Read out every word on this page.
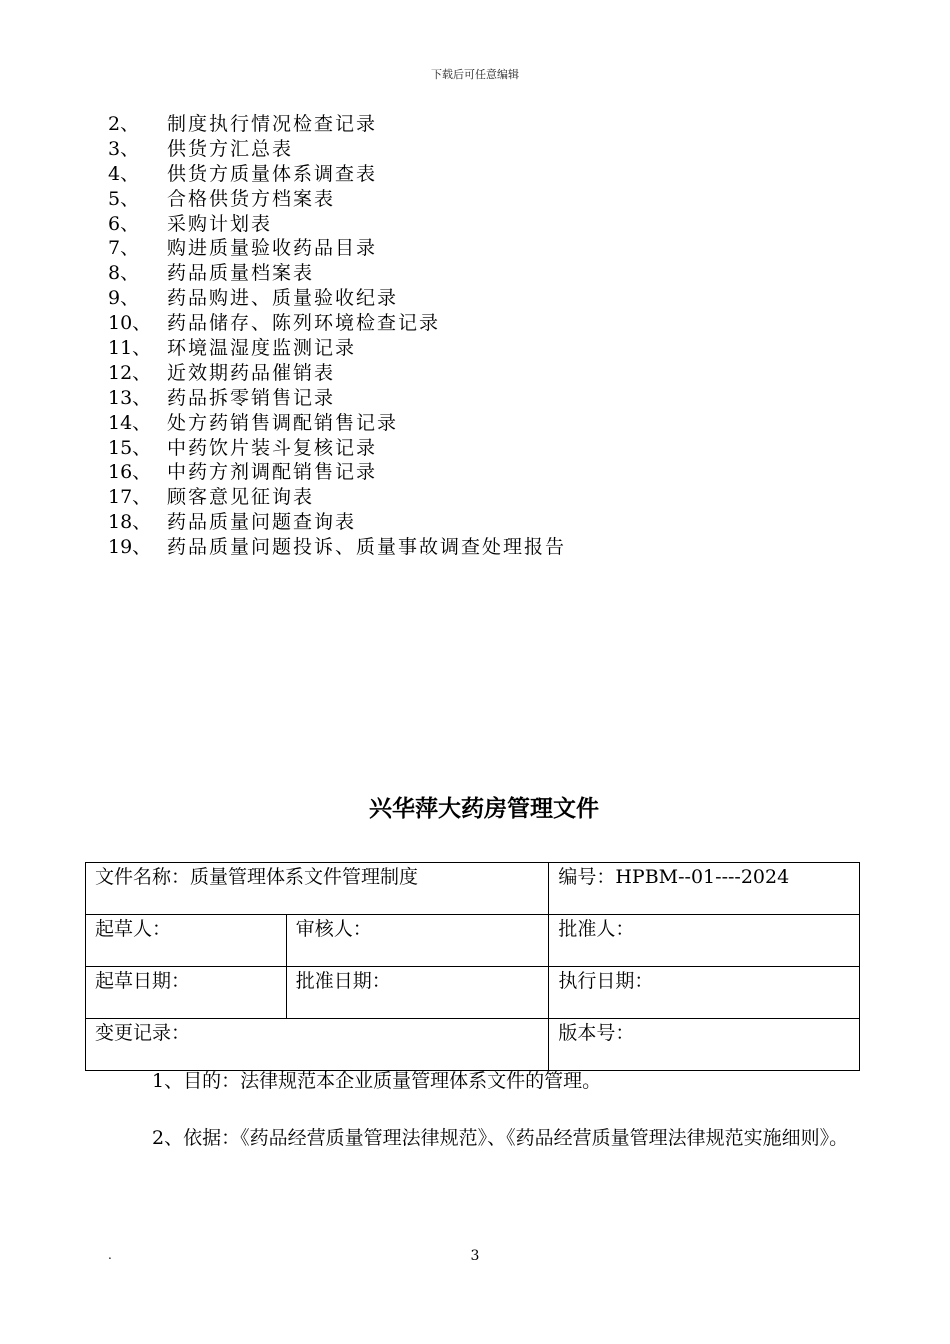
下载后可任意编辑
2、 制度执行情况检查记录
3、 供货方汇总表
4、 供货方质量体系调查表
5、 合格供货方档案表
6、 采购计划表
7、 购进质量验收药品目录
8、 药品质量档案表
9、 药品购进、质量验收纪录
10、 药品储存、陈列环境检查记录
11、 环境温湿度监测记录
12、 近效期药品催销表
13、 药品拆零销售记录
14、 处方药销售调配销售记录
15、 中药饮片装斗复核记录
16、 中药方剂调配销售记录
17、 顾客意见征询表
18、 药品质量问题查询表
19、 药品质量问题投诉、质量事故调查处理报告
兴华萍大药房管理文件
文件名称：质量管理体系文件管理制度		编号：HPBM--01----2024
起草人：	审核人：	批准人：
起草日期：	批准日期：	执行日期：
变更记录：		版本号：

1、目的：法律规范本企业质量管理体系文件的管理。

2、依据：《药品经营质量管理法律规范》、《药品经营质量管理法律规范实施细则》。

.	3
